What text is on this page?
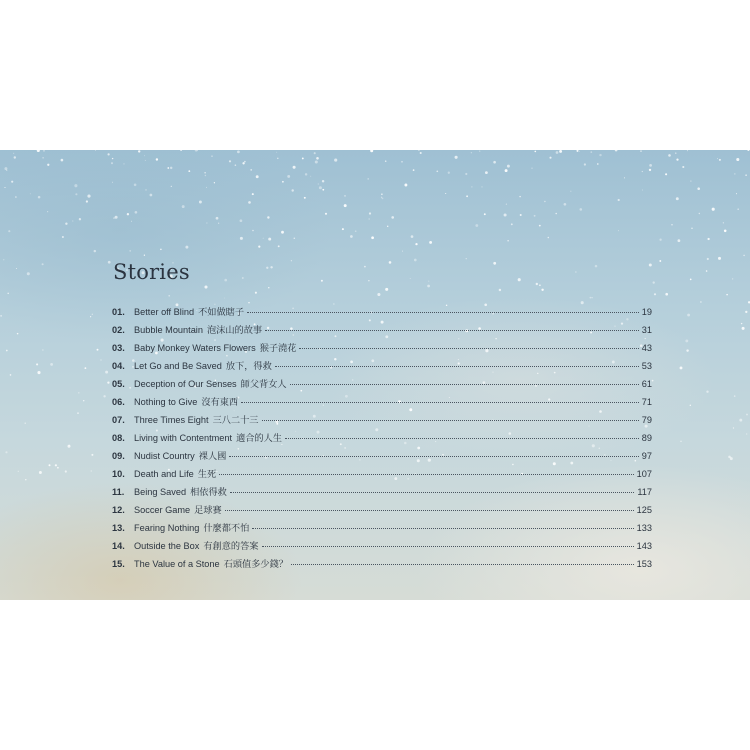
Stories
01.	Better off Blind 不如做瞎子	19
02.	Bubble Mountain 泡沫山的故事	31
03.	Baby Monkey Waters Flowers 猴子澆花	43
04.	Let Go and Be Saved 放下，得救	53
05.	Deception of Our Senses 師父背女人	61
06.	Nothing to Give 沒有東西	71
07.	Three Times Eight 三八二十三	79
08.	Living with Contentment 適合的人生	89
09.	Nudist Country 裸人國	97
10.	Death and Life 生死	107
11.	Being Saved 相依得救	117
12.	Soccer Game 足球賽	125
13.	Fearing Nothing 什麼都不怕	133
14.	Outside the Box 有創意的答案	143
15.	The Value of a Stone 石頭值多少錢？	153
